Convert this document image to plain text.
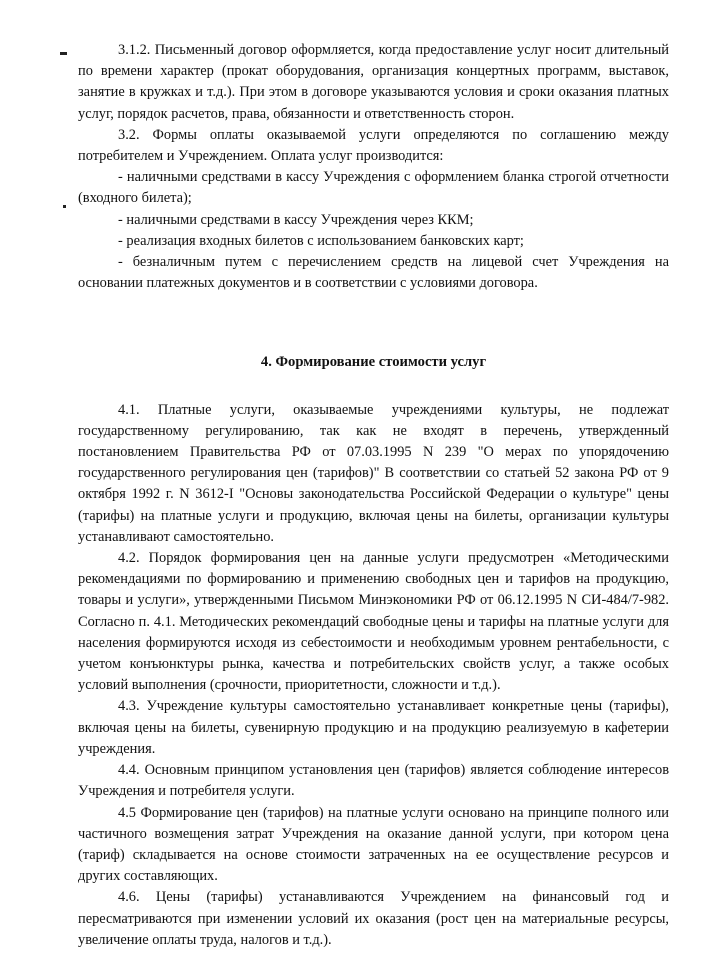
3.1.2. Письменный договор оформляется, когда предоставление услуг носит длительный по времени характер (прокат оборудования, организация концертных программ, выставок, занятие в кружках и т.д.). При этом в договоре указываются условия и сроки оказания платных услуг, порядок расчетов, права, обязанности и ответственность сторон.

3.2. Формы оплаты оказываемой услуги определяются по соглашению между потребителем и Учреждением. Оплата услуг производится:

- наличными средствами в кассу Учреждения с оформлением бланка строгой отчетности (входного билета);

- наличными средствами в кассу Учреждения через ККМ;

- реализация входных билетов с использованием банковских карт;

- безналичным путем с перечислением средств на лицевой счет Учреждения на основании платежных документов и в соответствии с условиями договора.

4. Формирование стоимости услуг

4.1. Платные услуги, оказываемые учреждениями культуры, не подлежат государственному регулированию, так как не входят в перечень, утвержденный постановлением Правительства РФ от 07.03.1995 N 239 "О мерах по упорядочению государственного регулирования цен (тарифов)" В соответствии со статьей 52 закона РФ от 9 октября 1992 г. N 3612-I "Основы законодательства Российской Федерации о культуре" цены (тарифы) на платные услуги и продукцию, включая цены на билеты, организации культуры устанавливают самостоятельно.

4.2. Порядок формирования цен на данные услуги предусмотрен «Методическими рекомендациями по формированию и применению свободных цен и тарифов на продукцию, товары и услуги», утвержденными Письмом Минэкономики РФ от 06.12.1995 N СИ-484/7-982. Согласно п. 4.1. Методических рекомендаций свободные цены и тарифы на платные услуги для населения формируются исходя из себестоимости и необходимым уровнем рентабельности, с учетом конъюнктуры рынка, качества и потребительских свойств услуг, а также особых условий выполнения (срочности, приоритетности, сложности и т.д.).

4.3. Учреждение культуры самостоятельно устанавливает конкретные цены (тарифы), включая цены на билеты, сувенирную продукцию и на продукцию реализуемую в кафетерии учреждения.

4.4. Основным принципом установления цен (тарифов) является соблюдение интересов Учреждения и потребителя услуги.

4.5 Формирование цен (тарифов) на платные услуги основано на принципе полного или частичного возмещения затрат Учреждения на оказание данной услуги, при котором цена (тариф) складывается на основе стоимости затраченных на ее осуществление ресурсов и других составляющих.

4.6. Цены (тарифы) устанавливаются Учреждением на финансовый год и пересматриваются при изменении условий их оказания (рост цен на материальные ресурсы, увеличение оплаты труда, налогов и т.д.).
